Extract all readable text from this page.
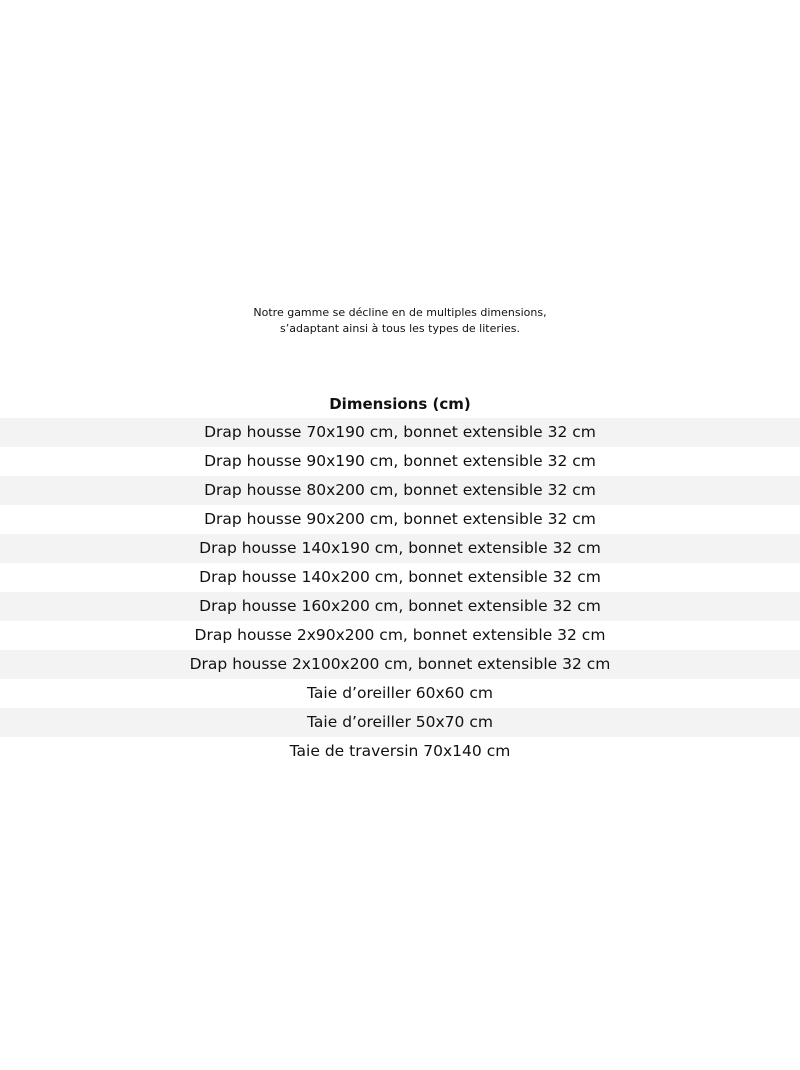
Notre gamme se décline en de multiples dimensions,
s’adaptant ainsi à tous les types de literies.
Dimensions (cm)
Drap housse 70x190 cm, bonnet extensible 32 cm
Drap housse 90x190 cm, bonnet extensible 32 cm
Drap housse 80x200 cm, bonnet extensible 32 cm
Drap housse 90x200 cm, bonnet extensible 32 cm
Drap housse 140x190 cm, bonnet extensible 32 cm
Drap housse 140x200 cm, bonnet extensible 32 cm
Drap housse 160x200 cm, bonnet extensible 32 cm
Drap housse 2x90x200 cm, bonnet extensible 32 cm
Drap housse 2x100x200 cm, bonnet extensible 32 cm
Taie d’oreiller 60x60 cm
Taie d’oreiller 50x70 cm
Taie de traversin 70x140 cm
